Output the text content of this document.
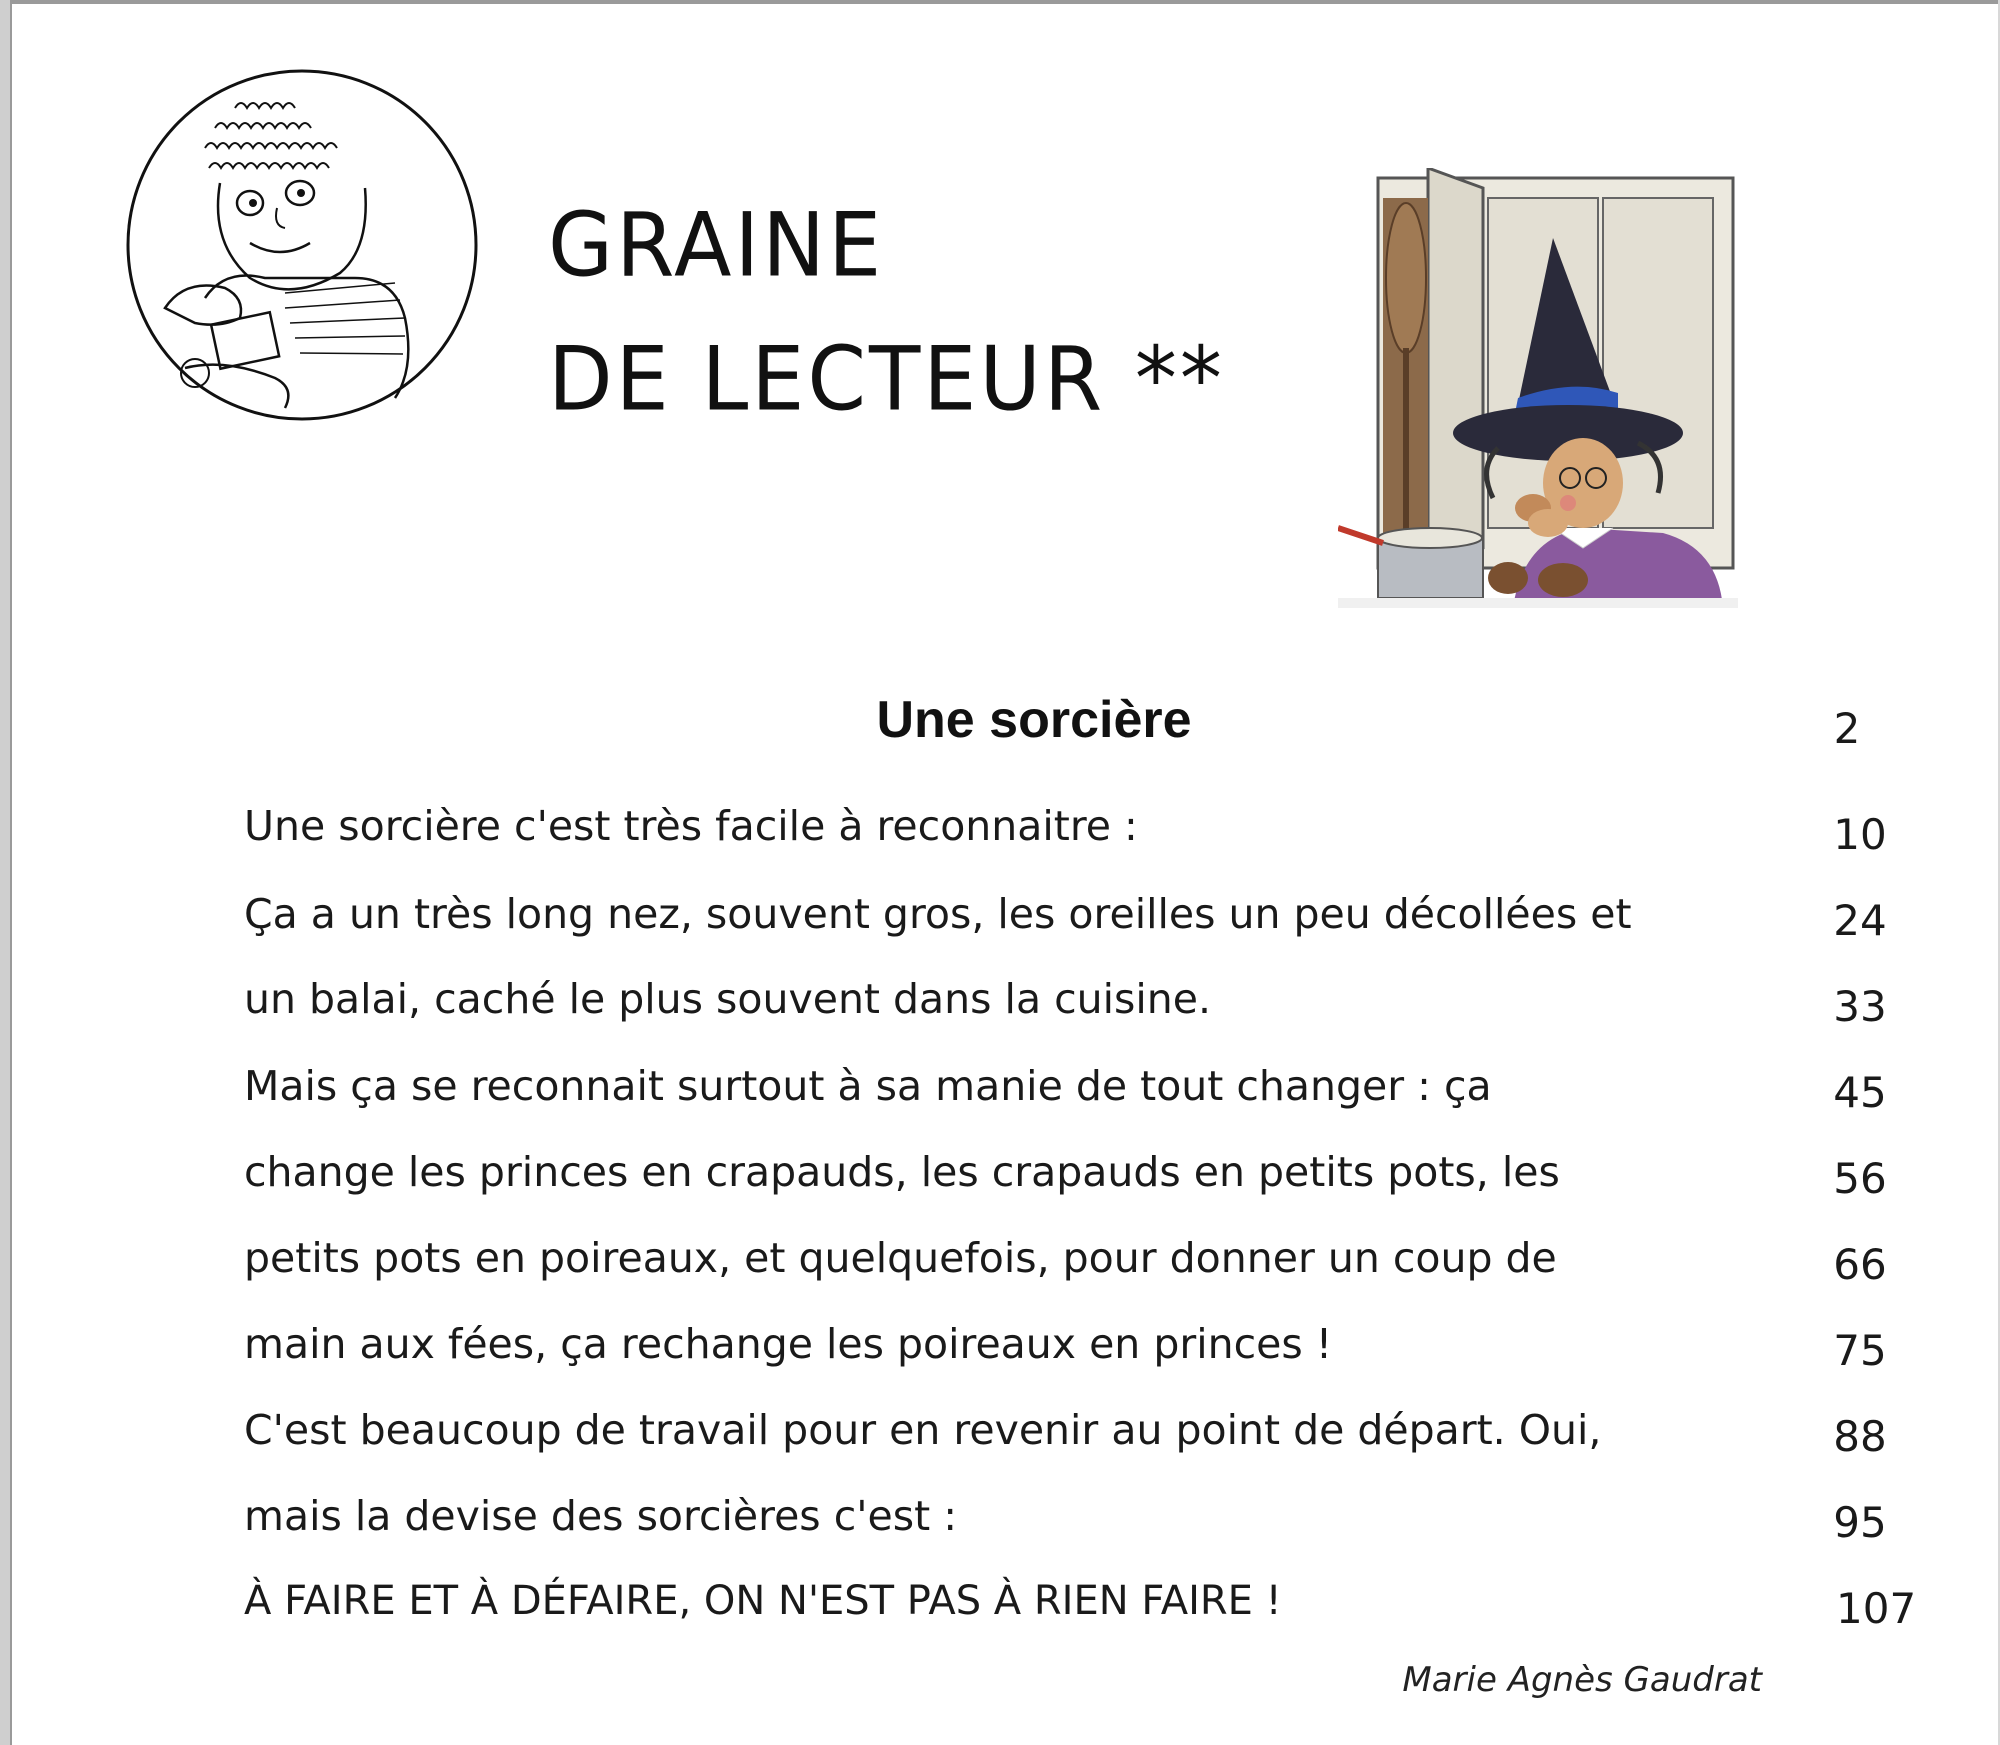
GRAINE
DE LECTEUR **
Une sorcière	2
Une sorcière c'est très facile à reconnaitre :	10
Ça a un très long nez, souvent gros, les oreilles un peu décollées et	24
un balai, caché le plus souvent dans la cuisine.	33
Mais ça se reconnait surtout à sa manie de tout changer : ça	45
change les princes en crapauds, les crapauds en petits pots, les	56
petits pots en poireaux, et quelquefois, pour donner un coup de	66
main aux fées, ça rechange les poireaux en princes !	75
C'est beaucoup de travail pour en revenir au point de départ. Oui,	88
mais la devise des sorcières c'est :	95
À FAIRE ET À DÉFAIRE, ON N'EST PAS À RIEN FAIRE !	107
Marie Agnès Gaudrat
